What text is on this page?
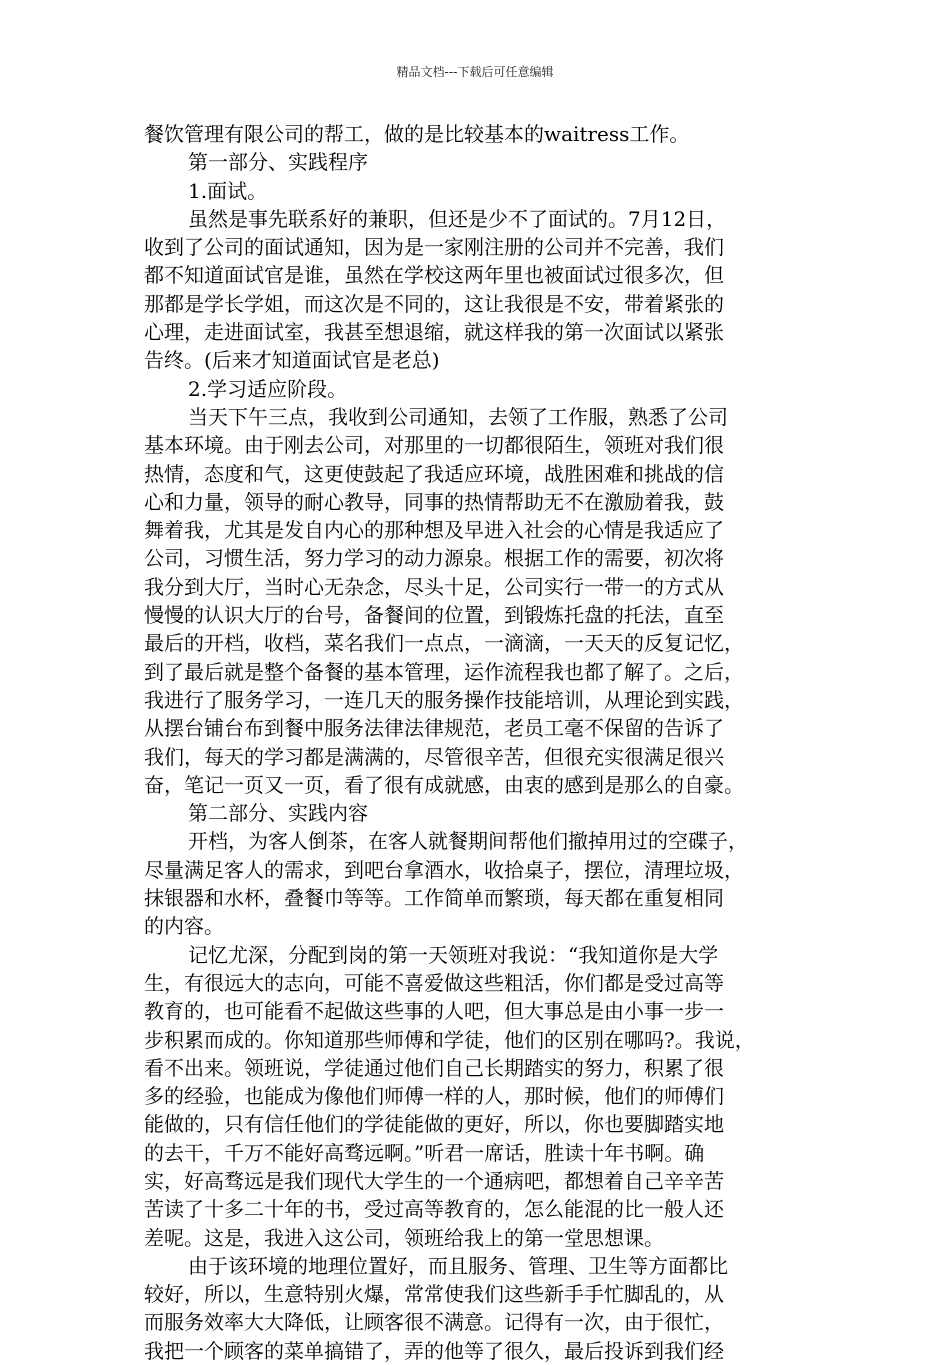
精品文档---下载后可任意编辑
餐饮管理有限公司的帮工，做的是比较基本的waitress工作。
第一部分、实践程序
1.面试。
虽然是事先联系好的兼职，但还是少不了面试的。7月12日，
收到了公司的面试通知，因为是一家刚注册的公司并不完善，我们
都不知道面试官是谁，虽然在学校这两年里也被面试过很多次，但
那都是学长学姐，而这次是不同的，这让我很是不安，带着紧张的
心理，走进面试室，我甚至想退缩，就这样我的第一次面试以紧张
告终。(后来才知道面试官是老总)
2.学习适应阶段。
当天下午三点，我收到公司通知，去领了工作服，熟悉了公司
基本环境。由于刚去公司，对那里的一切都很陌生，领班对我们很
热情，态度和气，这更使鼓起了我适应环境，战胜困难和挑战的信
心和力量，领导的耐心教导，同事的热情帮助无不在激励着我，鼓
舞着我，尤其是发自内心的那种想及早进入社会的心情是我适应了
公司，习惯生活，努力学习的动力源泉。根据工作的需要，初次将
我分到大厅，当时心无杂念，尽头十足，公司实行一带一的方式从
慢慢的认识大厅的台号，备餐间的位置，到锻炼托盘的托法，直至
最后的开档，收档，菜名我们一点点，一滴滴，一天天的反复记忆，
到了最后就是整个备餐的基本管理，运作流程我也都了解了。之后，
我进行了服务学习，一连几天的服务操作技能培训，从理论到实践，
从摆台铺台布到餐中服务法律法律规范，老员工毫不保留的告诉了
我们，每天的学习都是满满的，尽管很辛苦，但很充实很满足很兴
奋，笔记一页又一页，看了很有成就感，由衷的感到是那么的自豪。
第二部分、实践内容
开档，为客人倒茶，在客人就餐期间帮他们撤掉用过的空碟子，
尽量满足客人的需求，到吧台拿酒水，收拾桌子，摆位，清理垃圾，
抹银器和水杯，叠餐巾等等。工作简单而繁琐，每天都在重复相同
的内容。
记忆尤深，分配到岗的第一天领班对我说：“我知道你是大学
生，有很远大的志向，可能不喜爱做这些粗活，你们都是受过高等
教育的，也可能看不起做这些事的人吧，但大事总是由小事一步一
步积累而成的。你知道那些师傅和学徒，他们的区别在哪吗?。我说，
看不出来。领班说，学徒通过他们自己长期踏实的努力，积累了很
多的经验，也能成为像他们师傅一样的人，那时候，他们的师傅们
能做的，只有信任他们的学徒能做的更好，所以，你也要脚踏实地
的去干，千万不能好高骛远啊。”听君一席话，胜读十年书啊。确
实，好高骛远是我们现代大学生的一个通病吧，都想着自己辛辛苦
苦读了十多二十年的书，受过高等教育的，怎么能混的比一般人还
差呢。这是，我进入这公司，领班给我上的第一堂思想课。
由于该环境的地理位置好，而且服务、管理、卫生等方面都比
较好，所以，生意特别火爆，常常使我们这些新手手忙脚乱的，从
而服务效率大大降低，让顾客很不满意。记得有一次，由于很忙，
我把一个顾客的菜单搞错了，弄的他等了很久，最后投诉到我们经
